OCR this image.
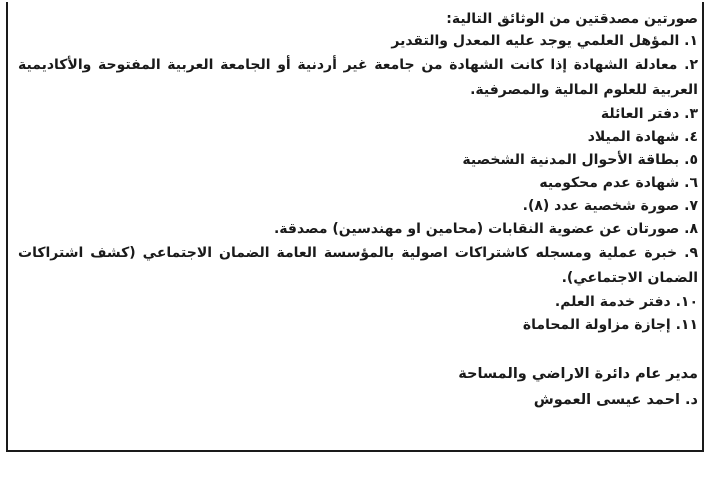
صورتين مصدقتين من الوثائق التالية:
١. المؤهل العلمي يوجد عليه المعدل والتقدير
٢. معادلة الشهادة إذا كانت الشهادة من جامعة غير أردنية أو الجامعة العربية المفتوحة والأكاديمية العربية للعلوم المالية والمصرفية.
٣. دفتر العائلة
٤. شهادة الميلاد
٥. بطاقة الأحوال المدنية الشخصية
٦. شهادة عدم محكوميه
٧. صورة شخصية عدد (٨).
٨. صورتان عن عضوية النقابات (محامين او مهندسين) مصدقة.
٩. خبرة عملية ومسجله كاشتراكات اصولية بالمؤسسة العامة الضمان الاجتماعي (كشف اشتراكات الضمان الاجتماعي).
١٠. دفتر خدمة العلم.
١١. إجازة مزاولة المحاماة
مدير عام دائرة الاراضي والمساحة
د. احمد عيسى العموش
